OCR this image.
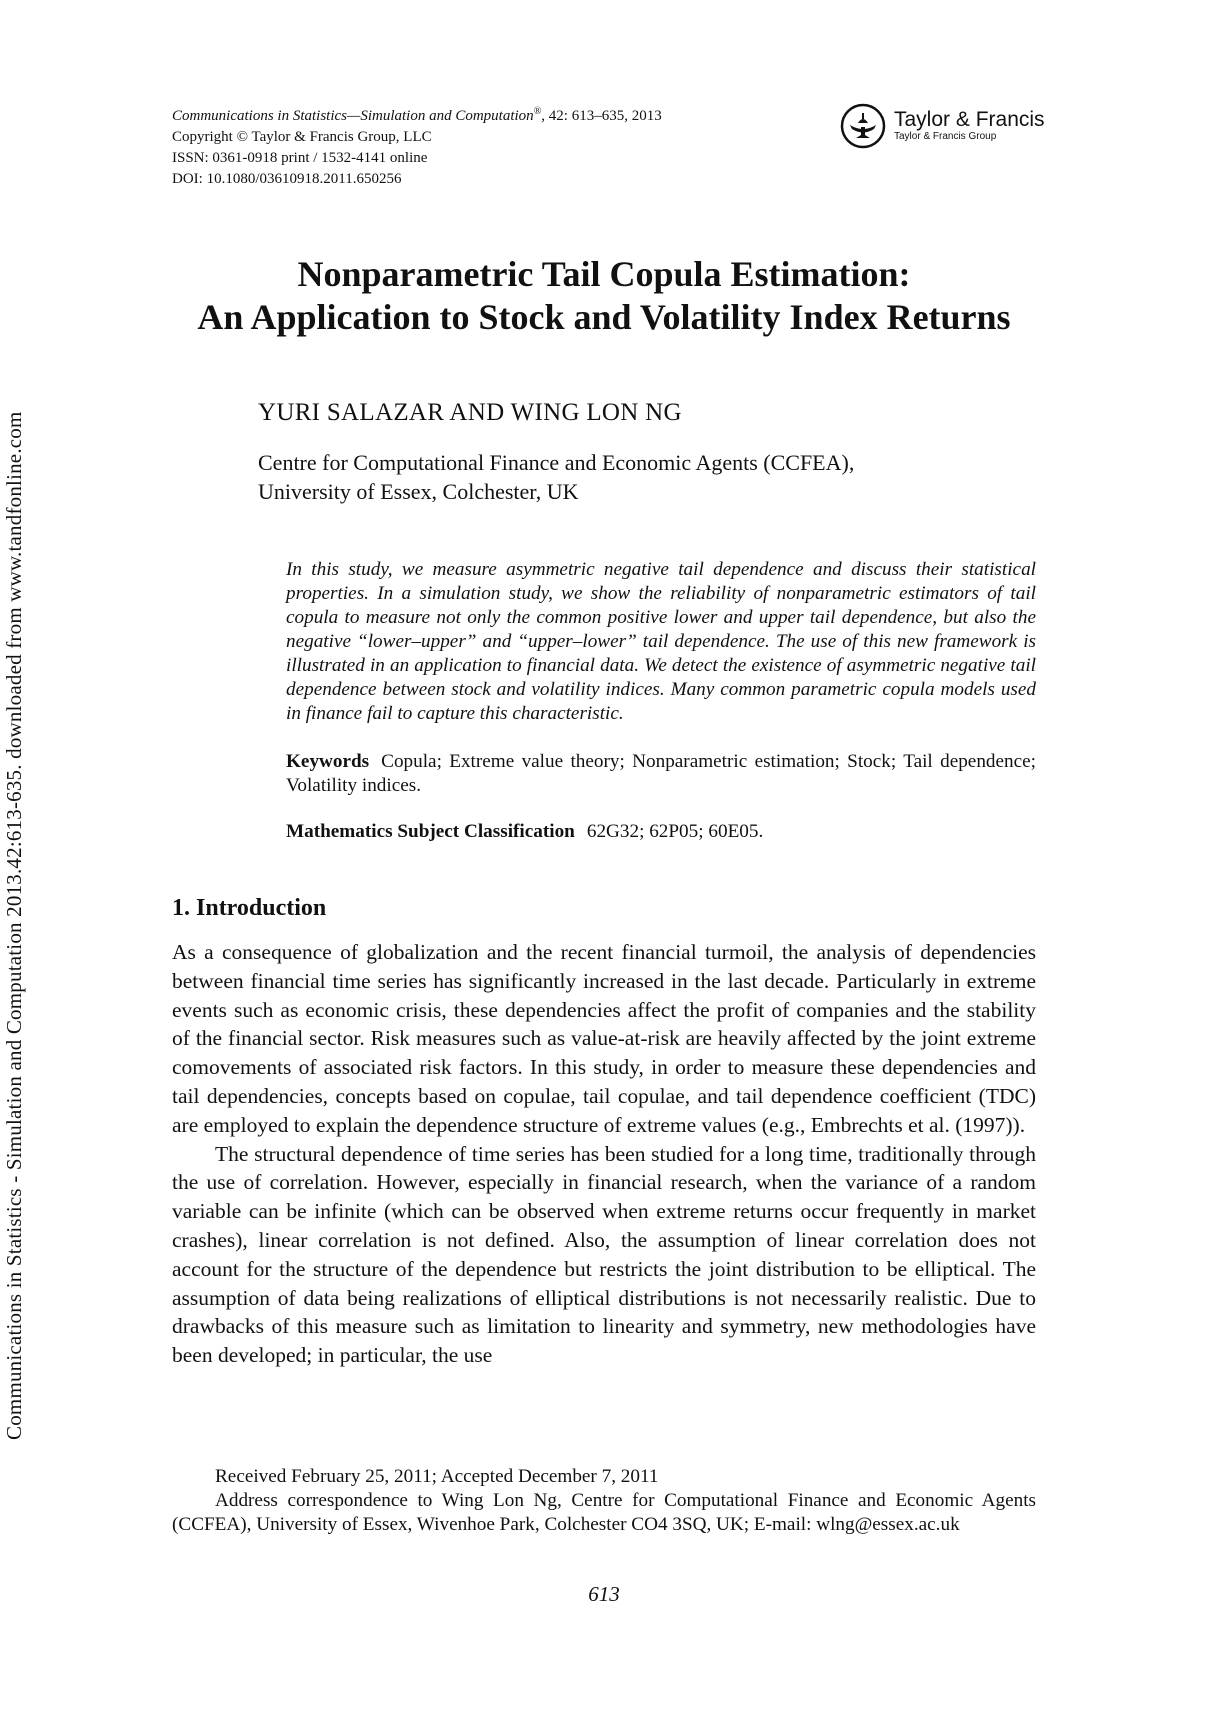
Communications in Statistics - Simulation and Computation 2013.42:613-635. downloaded from www.tandfonline.com
Communications in Statistics—Simulation and Computation®, 42: 613–635, 2013
Copyright © Taylor & Francis Group, LLC
ISSN: 0361-0918 print / 1532-4141 online
DOI: 10.1080/03610918.2011.650256
Taylor & Francis
Taylor & Francis Group
Nonparametric Tail Copula Estimation:
An Application to Stock and Volatility Index Returns
YURI SALAZAR AND WING LON NG
Centre for Computational Finance and Economic Agents (CCFEA),
University of Essex, Colchester, UK

In this study, we measure asymmetric negative tail dependence and discuss their statistical properties. In a simulation study, we show the reliability of nonparametric estimators of tail copula to measure not only the common positive lower and upper tail dependence, but also the negative “lower–upper” and “upper–lower” tail dependence. The use of this new framework is illustrated in an application to financial data. We detect the existence of asymmetric negative tail dependence between stock and volatility indices. Many common parametric copula models used in finance fail to capture this characteristic.

Keywords Copula; Extreme value theory; Nonparametric estimation; Stock; Tail dependence; Volatility indices.
Mathematics Subject Classification 62G32; 62P05; 60E05.
1. Introduction

As a consequence of globalization and the recent financial turmoil, the analysis of dependencies between financial time series has significantly increased in the last decade. Particularly in extreme events such as economic crisis, these dependencies affect the profit of companies and the stability of the financial sector. Risk measures such as value-at-risk are heavily affected by the joint extreme comovements of associated risk factors. In this study, in order to measure these dependencies and tail dependencies, concepts based on copulae, tail copulae, and tail dependence coefficient (TDC) are employed to explain the dependence structure of extreme values (e.g., Embrechts et al. (1997)).

The structural dependence of time series has been studied for a long time, traditionally through the use of correlation. However, especially in financial research, when the variance of a random variable can be infinite (which can be observed when extreme returns occur frequently in market crashes), linear correlation is not defined. Also, the assumption of linear correlation does not account for the structure of the dependence but restricts the joint distribution to be elliptical. The assumption of data being realizations of elliptical distributions is not necessarily realistic. Due to drawbacks of this measure such as limitation to linearity and symmetry, new methodologies have been developed; in particular, the use

Received February 25, 2011; Accepted December 7, 2011

Address correspondence to Wing Lon Ng, Centre for Computational Finance and Economic Agents (CCFEA), University of Essex, Wivenhoe Park, Colchester CO4 3SQ, UK; E-mail: wlng@essex.ac.uk

613
